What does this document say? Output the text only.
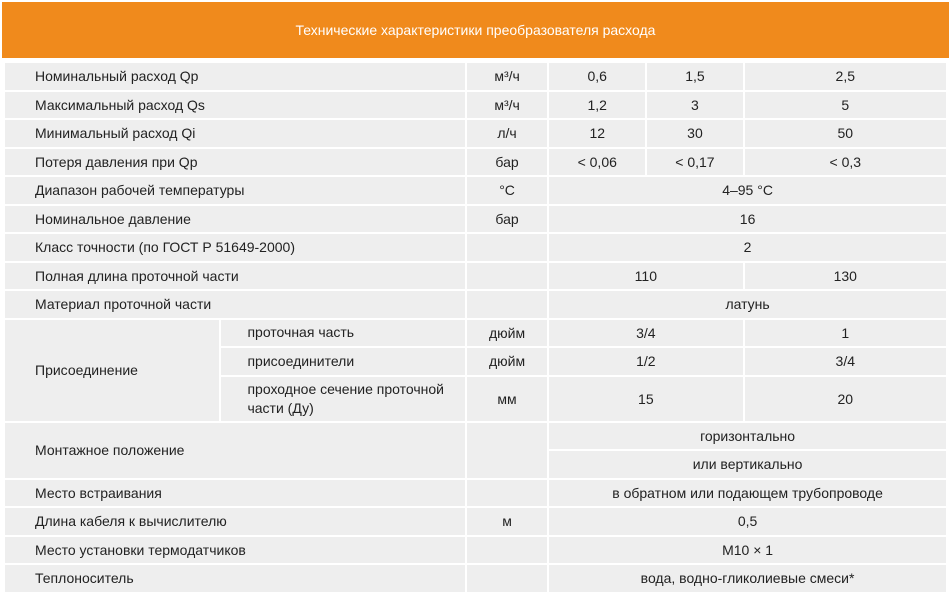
Технические характеристики преобразователя расхода
Номинальный расход Qp		м³/ч	0,6	1,5	2,5
Максимальный расход Qs		м³/ч	1,2	3	5
Минимальный расход Qi		л/ч	12	30	50
Потеря давления при Qp		бар	< 0,06	< 0,17	< 0,3
Диапазон рабочей температуры		°С	4–95 °С		
Номинальное давление		бар	16		
Класс точности (по ГОСТ Р 51649-2000)			2		
Полная длина проточной части			110		130
Материал проточной части			латунь		
Присоединение	проточная часть	дюйм	3/4		1
	присоединители	дюйм	1/2		3/4
	проходное сечение проточной части (Ду)	мм	15		20
Монтажное положение			горизонтально		
			или вертикально		
Место встраивания			в обратном или подающем трубопроводе		
Длина кабеля к вычислителю		м	0,5		
Место установки термодатчиков			М10 × 1		
Теплоноситель			вода, водно-гликолиевые смеси*		
